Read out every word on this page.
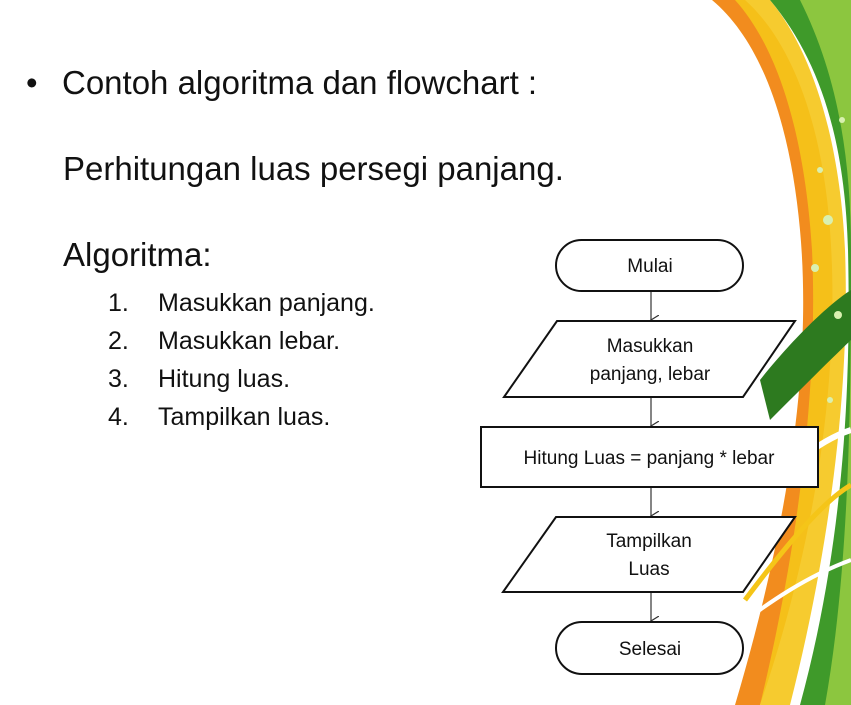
• Contoh algoritma dan flowchart :
Perhitungan luas persegi panjang.
Algoritma:
1. Masukkan panjang.
2. Masukkan lebar.
3. Hitung luas.
4. Tampilkan luas.
Mulai
Masukkan
panjang, lebar
Hitung Luas = panjang * lebar
Tampilkan
Luas
Selesai
